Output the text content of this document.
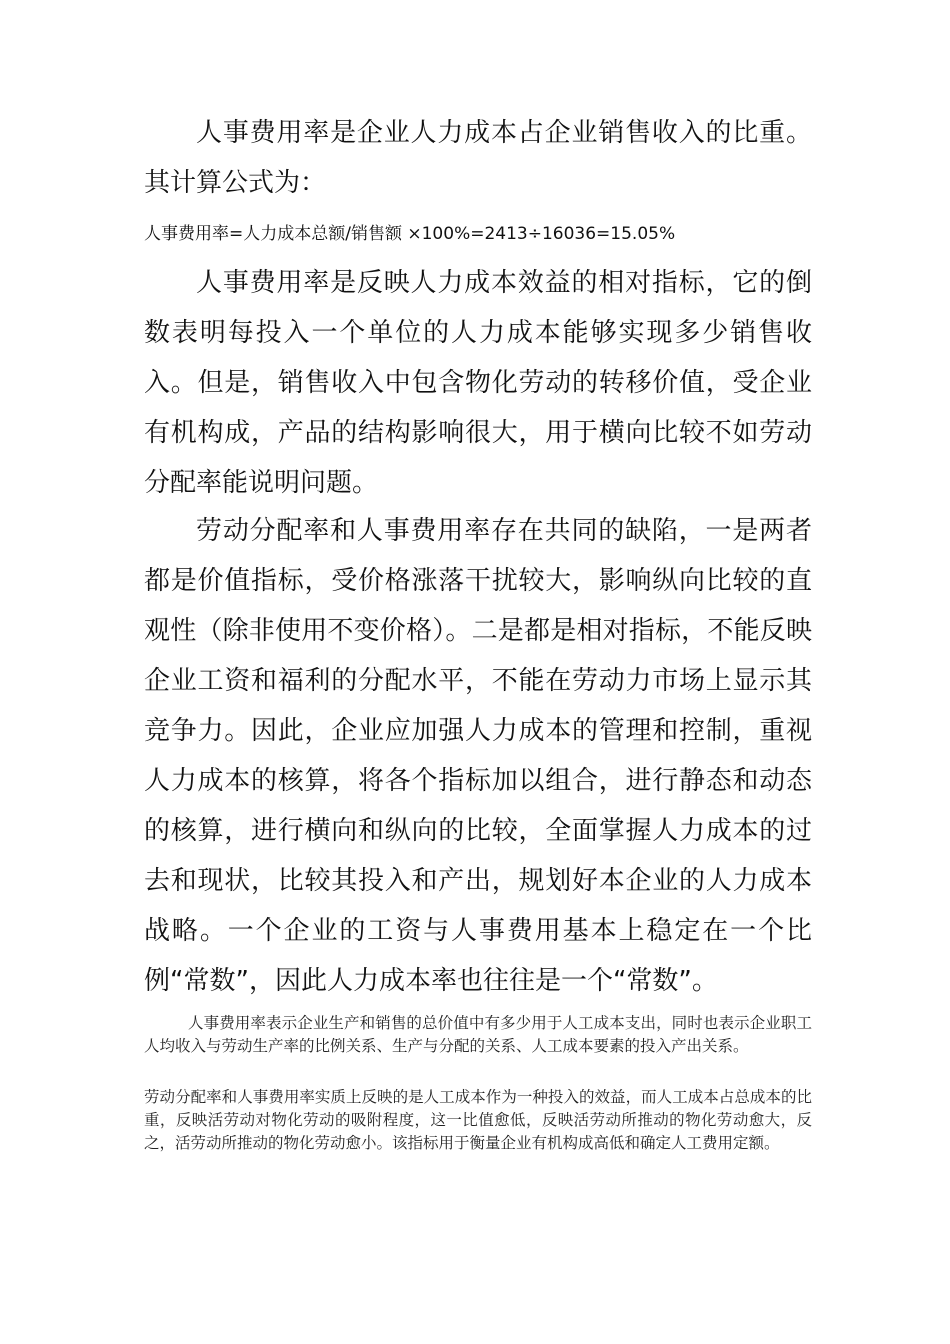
人事费用率是企业人力成本占企业销售收入的比重。其计算公式为：

人事费用率=人力成本总额/销售额 ×100%=2413÷16036=15.05%

人事费用率是反映人力成本效益的相对指标，它的倒数表明每投入一个单位的人力成本能够实现多少销售收入。但是，销售收入中包含物化劳动的转移价值，受企业有机构成，产品的结构影响很大，用于横向比较不如劳动分配率能说明问题。

劳动分配率和人事费用率存在共同的缺陷，一是两者都是价值指标，受价格涨落干扰较大，影响纵向比较的直观性（除非使用不变价格）。二是都是相对指标，不能反映企业工资和福利的分配水平，不能在劳动力市场上显示其竞争力。因此，企业应加强人力成本的管理和控制，重视人力成本的核算，将各个指标加以组合，进行静态和动态的核算，进行横向和纵向的比较，全面掌握人力成本的过去和现状，比较其投入和产出，规划好本企业的人力成本战略。一个企业的工资与人事费用基本上稳定在一个比例“常数”，因此人力成本率也往往是一个“常数”。

人事费用率表示企业生产和销售的总价值中有多少用于人工成本支出，同时也表示企业职工人均收入与劳动生产率的比例关系、生产与分配的关系、人工成本要素的投入产出关系。

劳动分配率和人事费用率实质上反映的是人工成本作为一种投入的效益，而人工成本占总成本的比重，反映活劳动对物化劳动的吸附程度，这一比值愈低，反映活劳动所推动的物化劳动愈大，反之，活劳动所推动的物化劳动愈小。该指标用于衡量企业有机构成高低和确定人工费用定额。
